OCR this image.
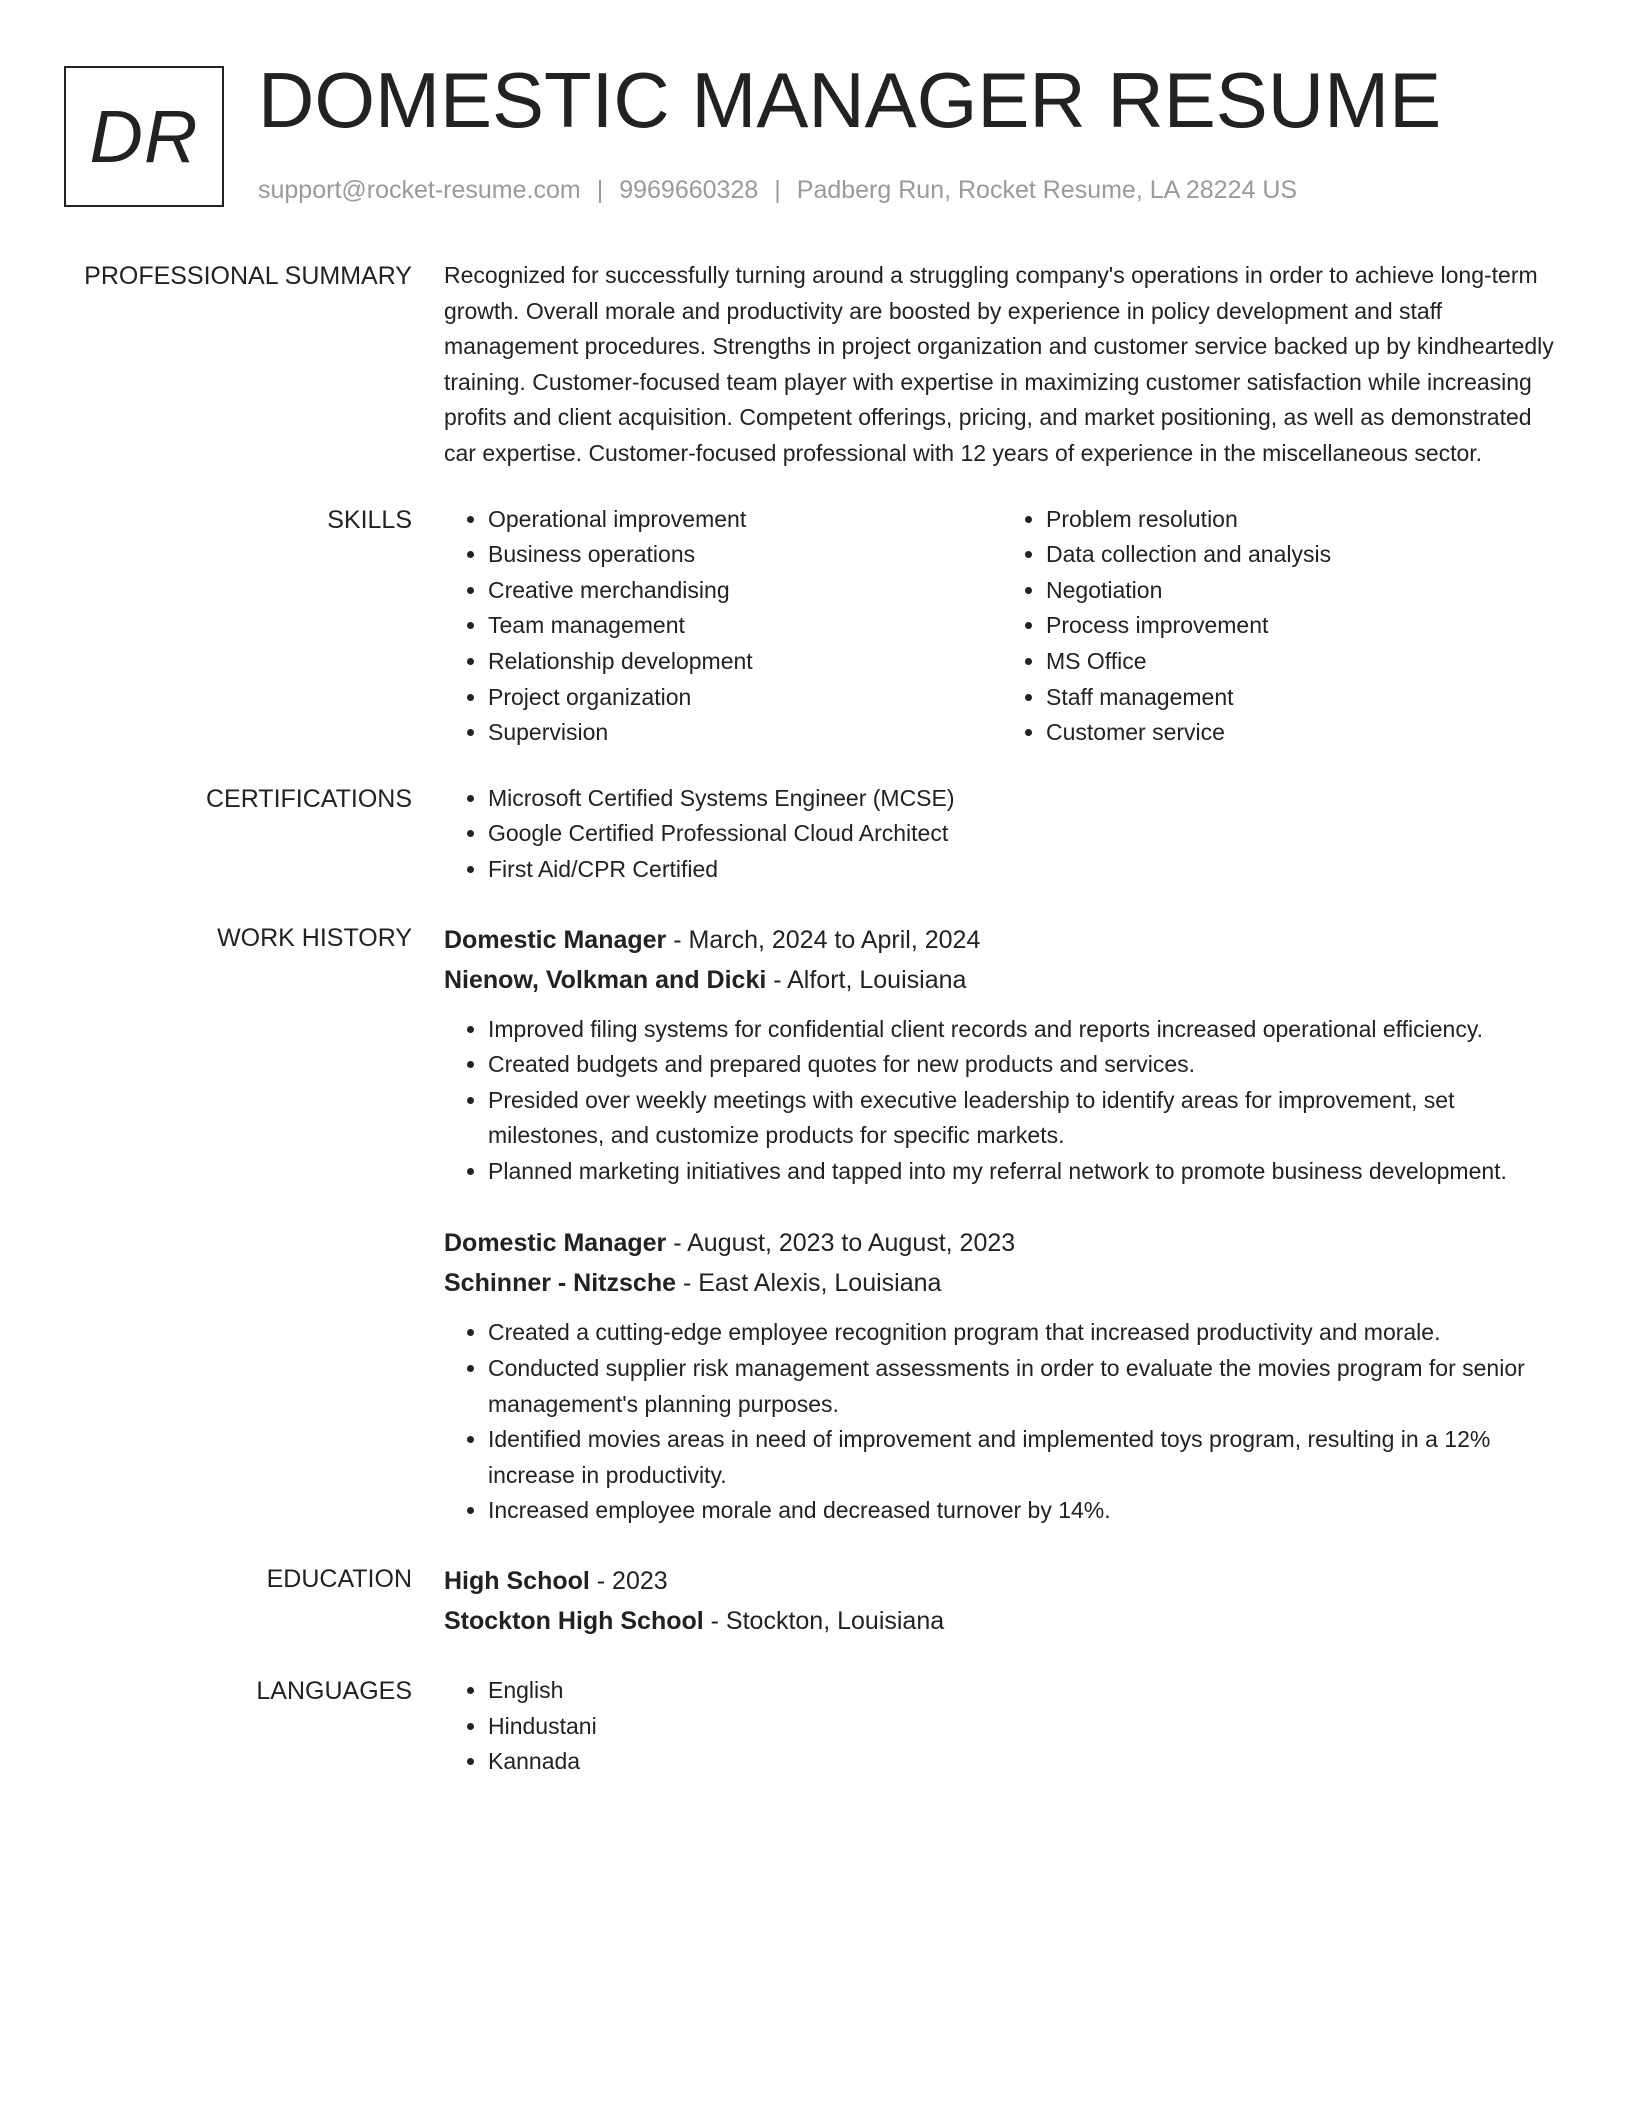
DR DOMESTIC MANAGER RESUME
support@rocket-resume.com | 9969660328 | Padberg Run, Rocket Resume, LA 28224 US
PROFESSIONAL SUMMARY Recognized for successfully turning around a struggling company's operations in order to achieve long-term growth. Overall morale and productivity are boosted by experience in policy development and staff management procedures. Strengths in project organization and customer service backed up by kindheartedly training. Customer-focused team player with expertise in maximizing customer satisfaction while increasing profits and client acquisition. Competent offerings, pricing, and market positioning, as well as demonstrated car expertise. Customer-focused professional with 12 years of experience in the miscellaneous sector.

SKILLS	• Operational improvement
• Business operations
• Creative merchandising
• Team management
• Relationship development
• Project organization
• Supervision
• Problem resolution
• Data collection and analysis
• Negotiation
• Process improvement
• MS Office
• Staff management
• Customer service
CERTIFICATIONS	• Microsoft Certified Systems Engineer (MCSE)
• Google Certified Professional Cloud Architect
• First Aid/CPR Certified
WORK HISTORY Domestic Manager - March, 2024 to April, 2024
Nienow, Volkman and Dicki - Alfort, Louisiana
• Improved filing systems for confidential client records and reports increased operational efficiency.
• Created budgets and prepared quotes for new products and services.
• Presided over weekly meetings with executive leadership to identify areas for improvement, set milestones, and customize products for specific markets.
• Planned marketing initiatives and tapped into my referral network to promote business development.
Domestic Manager - August, 2023 to August, 2023
Schinner - Nitzsche - East Alexis, Louisiana
• Created a cutting-edge employee recognition program that increased productivity and morale.
• Conducted supplier risk management assessments in order to evaluate the movies program for senior management's planning purposes.
• Identified movies areas in need of improvement and implemented toys program, resulting in a 12% increase in productivity.
• Increased employee morale and decreased turnover by 14%.
EDUCATION High School - 2023
Stockton High School - Stockton, Louisiana
LANGUAGES	• English
• Hindustani
• Kannada
